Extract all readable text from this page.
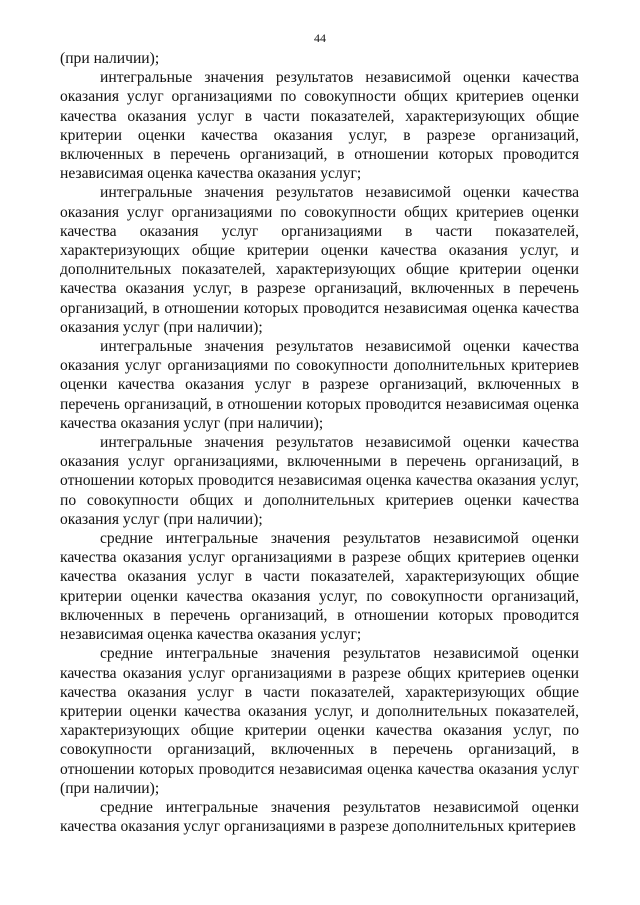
44

(при наличии);

интегральные значения результатов независимой оценки качества оказания услуг организациями по совокупности общих критериев оценки качества оказания услуг в части показателей, характеризующих общие критерии оценки качества оказания услуг, в разрезе организаций, включенных в перечень организаций, в отношении которых проводится независимая оценка качества оказания услуг;

интегральные значения результатов независимой оценки качества оказания услуг организациями по совокупности общих критериев оценки качества оказания услуг организациями в части показателей, характеризующих общие критерии оценки качества оказания услуг, и дополнительных показателей, характеризующих общие критерии оценки качества оказания услуг, в разрезе организаций, включенных в перечень организаций, в отношении которых проводится независимая оценка качества оказания услуг (при наличии);

интегральные значения результатов независимой оценки качества оказания услуг организациями по совокупности дополнительных критериев оценки качества оказания услуг в разрезе организаций, включенных в перечень организаций, в отношении которых проводится независимая оценка качества оказания услуг (при наличии);

интегральные значения результатов независимой оценки качества оказания услуг организациями, включенными в перечень организаций, в отношении которых проводится независимая оценка качества оказания услуг, по совокупности общих и дополнительных критериев оценки качества оказания услуг (при наличии);

средние интегральные значения результатов независимой оценки качества оказания услуг организациями в разрезе общих критериев оценки качества оказания услуг в части показателей, характеризующих общие критерии оценки качества оказания услуг, по совокупности организаций, включенных в перечень организаций, в отношении которых проводится независимая оценка качества оказания услуг;

средние интегральные значения результатов независимой оценки качества оказания услуг организациями в разрезе общих критериев оценки качества оказания услуг в части показателей, характеризующих общие критерии оценки качества оказания услуг, и дополнительных показателей, характеризующих общие критерии оценки качества оказания услуг, по совокупности организаций, включенных в перечень организаций, в отношении которых проводится независимая оценка качества оказания услуг (при наличии);

средние интегральные значения результатов независимой оценки качества оказания услуг организациями в разрезе дополнительных критериев
